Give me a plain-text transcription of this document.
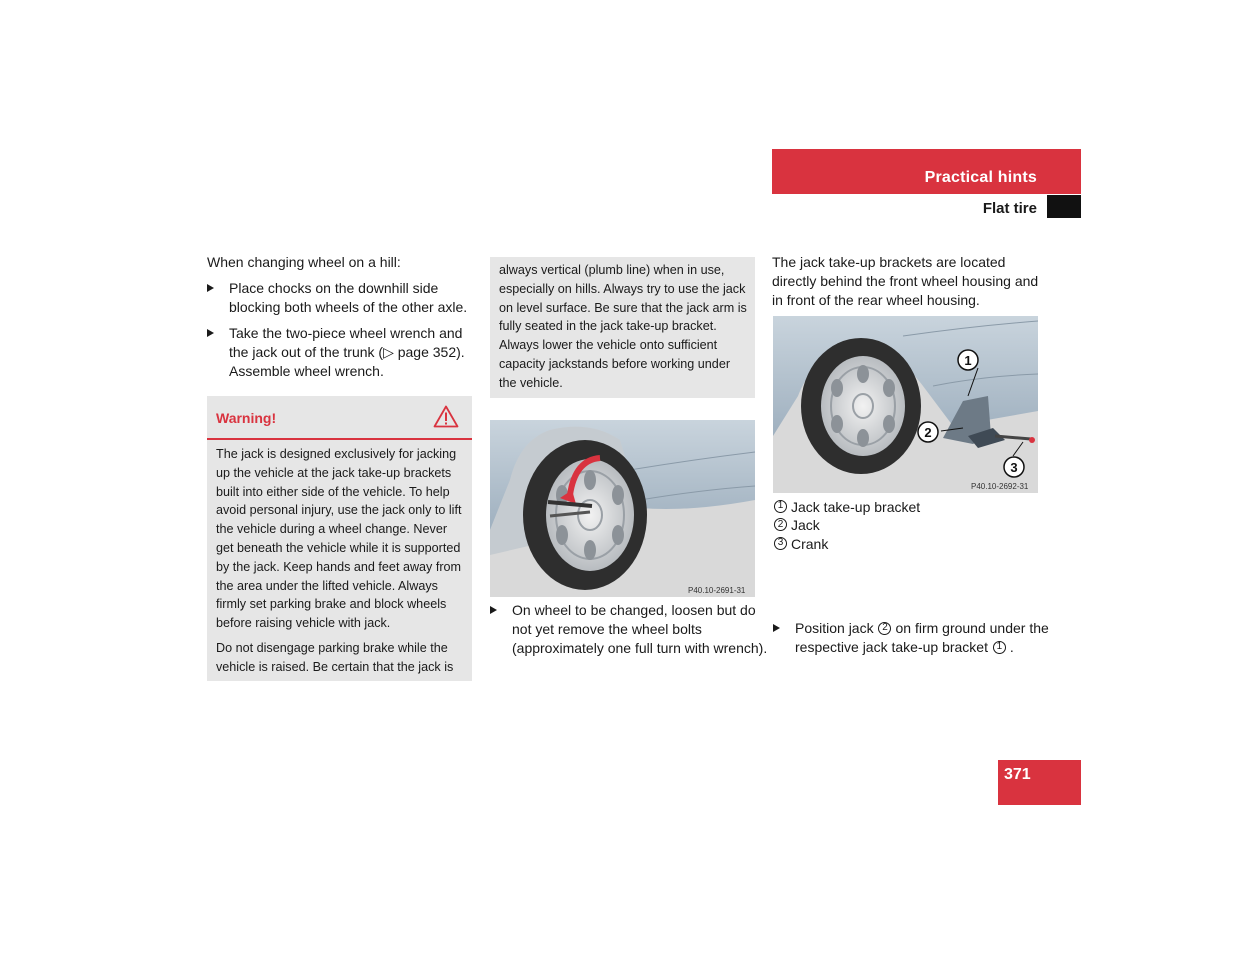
Practical hints
Flat tire

When changing wheel on a hill:

Place chocks on the downhill side blocking both wheels of the other axle.

Take the two-piece wheel wrench and the jack out of the trunk (▷ page 352). Assemble wheel wrench.

Warning!

The jack is designed exclusively for jacking up the vehicle at the jack take-up brackets built into either side of the vehicle. To help avoid personal injury, use the jack only to lift the vehicle during a wheel change. Never get beneath the vehicle while it is supported by the jack. Keep hands and feet away from the area under the lifted vehicle. Always firmly set parking brake and block wheels before raising vehicle with jack.

Do not disengage parking brake while the vehicle is raised. Be certain that the jack is

always vertical (plumb line) when in use, especially on hills. Always try to use the jack on level surface. Be sure that the jack arm is fully seated in the jack take-up bracket. Always lower the vehicle onto sufficient capacity jackstands before working under the vehicle.
P40.10-2691-31
On wheel to be changed, loosen but do not yet remove the wheel bolts (approximately one full turn with wrench).
The jack take-up brackets are located directly behind the front wheel housing and in front of the rear wheel housing.
1
2
3
P40.10-2692-31
1 Jack take-up bracket
2 Jack
3 Crank
Position jack 2 on firm ground under the respective jack take-up bracket 1 .
371
